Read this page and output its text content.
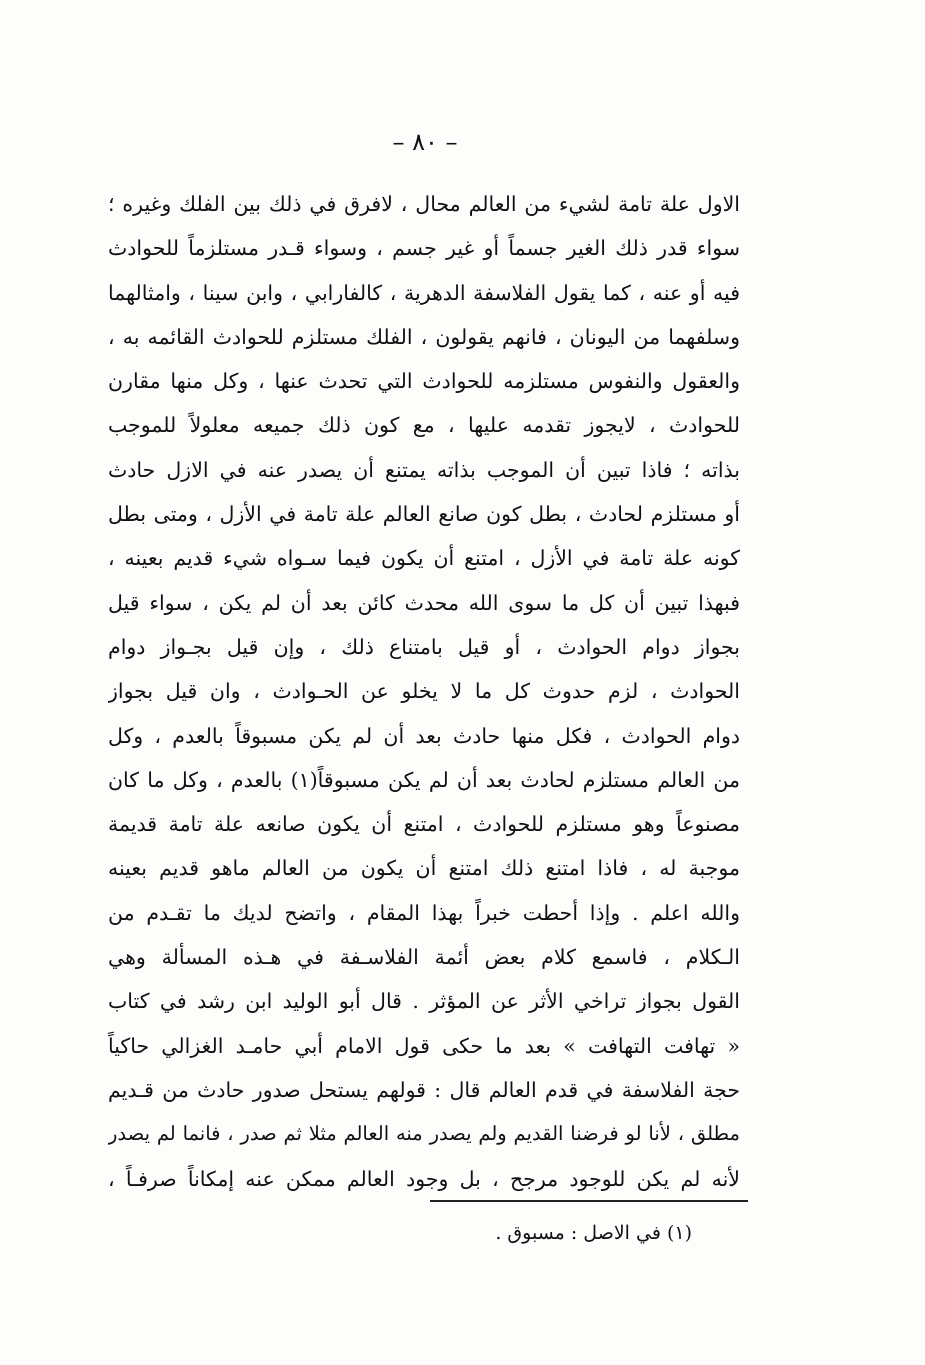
– ٨٠ –
الاول علة تامة لشيء من العالم محال ، لافرق في ذلك بين الفلك وغيره ؛
سواء قدر ذلك الغير جسماً أو غير جسم ، وسواء قـدر مستلزماً للحوادث
فيه أو عنه ، كما يقول الفلاسفة الدهرية ، كالفارابي ، وابن سينا ، وامثالهما
وسلفهما من اليونان ، فانهم يقولون ، الفلك مستلزم للحوادث القائمه به ،
والعقول والنفوس مستلزمه للحوادث التي تحدث عنها ، وكل منها مقارن
للحوادث ، لايجوز تقدمه عليها ، مع كون ذلك جميعه معلولاً للموجب
بذاته ؛ فاذا تبين أن الموجب بذاته يمتنع أن يصدر عنه في الازل حادث
أو مستلزم لحادث ، بطل كون صانع العالم علة تامة في الأزل ، ومتى بطل
كونه علة تامة في الأزل ، امتنع أن يكون فيما سـواه شيء قديم بعينه ،
فبهذا تبين أن كل ما سوى الله محدث كائن بعد أن لم يكن ، سواء قيل
بجواز دوام الحوادث ، أو قيل بامتناع ذلك ، وإن قيل بجـواز دوام
الحوادث ، لزم حدوث كل ما لا يخلو عن الحـوادث ، وان قيل بجواز
دوام الحوادث ، فكل منها حادث بعد أن لم يكن مسبوقاً بالعدم ، وكل
من العالم مستلزم لحادث بعد أن لم يكن مسبوقاً(١) بالعدم ، وكل ما كان
مصنوعاً وهو مستلزم للحوادث ، امتنع أن يكون صانعه علة تامة قديمة
موجبة له ، فاذا امتنع ذلك امتنع أن يكون من العالم ماهو قديم بعينه
والله اعلم . وإذا أحطت خبراً بهذا المقام ، واتضح لديك ما تقـدم من
الـكلام ، فاسمع كلام بعض أئمة الفلاسـفة في هـذه المسألة وهي
القول بجواز تراخي الأثر عن المؤثر . قال أبو الوليد ابن رشد في كتاب
« تهافت التهافت » بعد ما حكى قول الامام أبي حامـد الغزالي حاكياً
حجة الفلاسفة في قدم العالم قال : قولهم يستحل صدور حادث من قـديم
مطلق ، لأنا لو فرضنا القديم ولم يصدر منه العالم مثلا ثم صدر ، فانما لم يصدر
لأنه لم يكن للوجود مرجح ، بل وجود العالم ممكن عنه إمكاناً صرفـاً ،
(١) في الاصل : مسبوق .
